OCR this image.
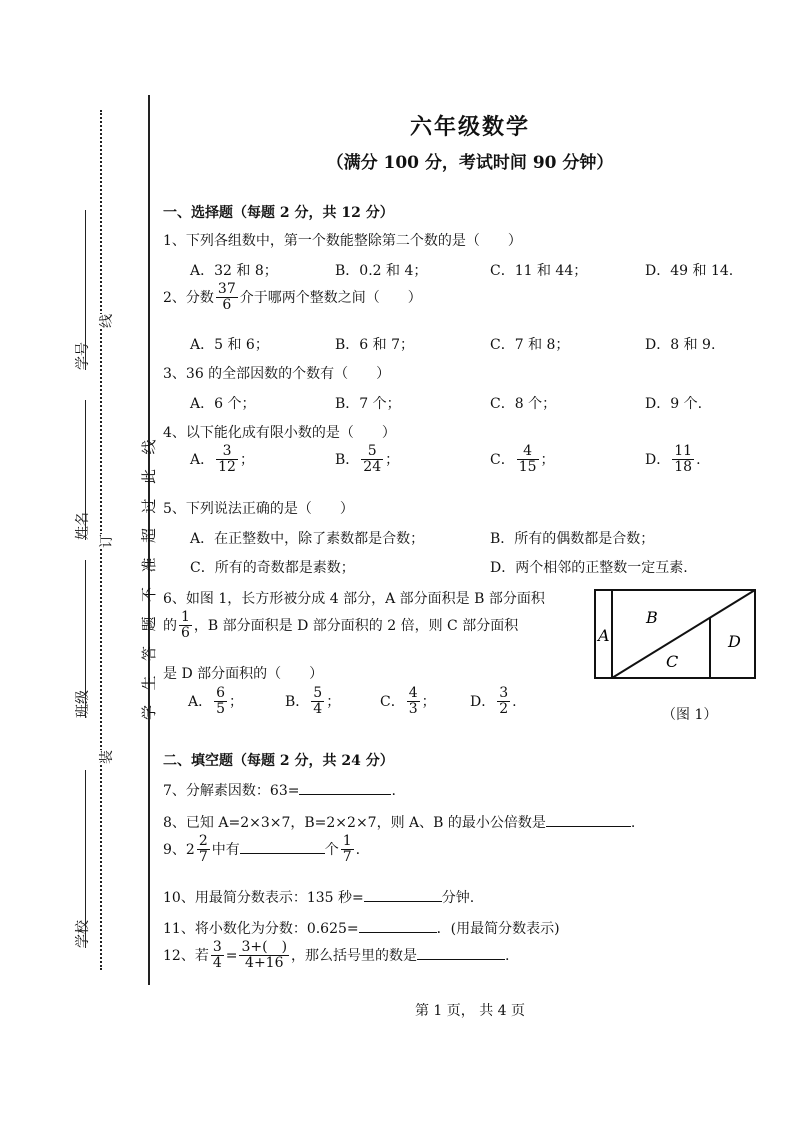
学号
姓名
班级
学校
线
订
装
学生答题不准超过此线
六年级数学
（满分 100 分，考试时间 90 分钟）
一、选择题（每题 2 分，共 12 分）
1、下列各组数中，第一个数能整除第二个数的是（　　）
A．32 和 8；	B．0.2 和 4；	C．11 和 44；	D．49 和 14.
2、分数 $\frac{37}{6}$ 介于哪两个整数之间（　　）
A．5 和 6；	B．6 和 7；	C．7 和 8；	D．8 和 9.
3、36 的全部因数的个数有（　　）
A．6 个；	B．7 个；	C．8 个；	D．9 个.
4、以下能化成有限小数的是（　　）
A． $\frac{3}{12}$ ；	B． $\frac{5}{24}$ ；	C． $\frac{4}{15}$ ；	D． $\frac{11}{18}$ .
5、下列说法正确的是（　　）
A．在正整数中，除了素数都是合数；	B．所有的偶数都是合数；
C．所有的奇数都是素数；	D．两个相邻的正整数一定互素.
6、如图 1，长方形被分成 4 部分，A 部分面积是 B 部分面积
的 $\frac{1}{6}$ ，B 部分面积是 D 部分面积的 2 倍，则 C 部分面积
是 D 部分面积的（　　）
A． $\frac{6}{5}$ ；	B． $\frac{5}{4}$ ；	C． $\frac{4}{3}$ ； D． $\frac{3}{2}$ .
A
B
C
D
（图 1）
二、填空题（每题 2 分，共 24 分）
7、分解素因数：63=	.
8、已知 A=2×3×7，B=2×2×7，则 A、B 的最小公倍数是	.
9、$2 \frac{2}{7}$ 中有	个 $\frac{1}{7}$ .
10、用最简分数表示：135 秒=	分钟.
11、将小数化为分数：0.625=	．(用最简分数表示)
12、若 $\frac{3}{4} = \frac{3+( )}{4+16}$ ，那么括号里的数是	.
第 1 页， 共 4 页
